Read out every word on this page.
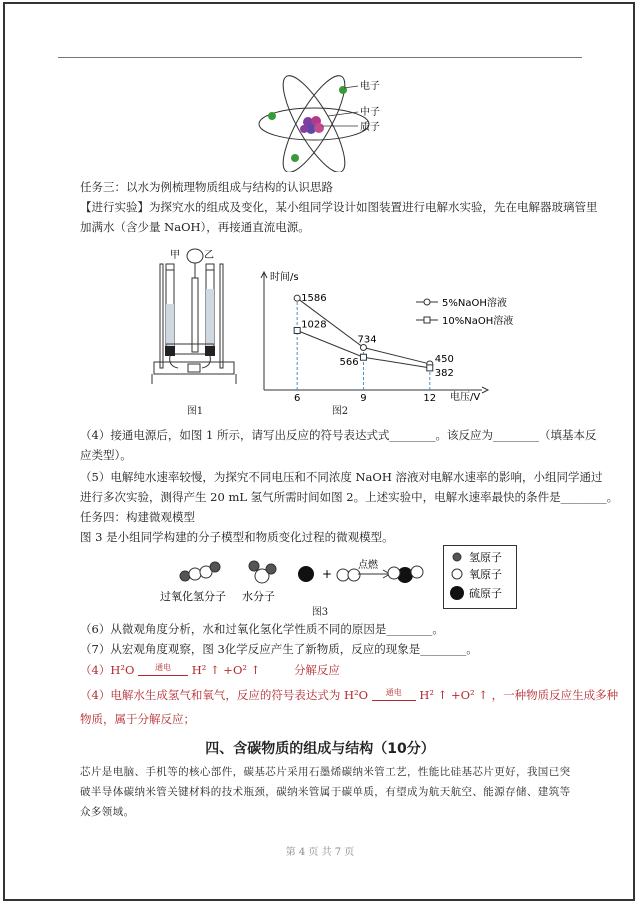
电子
中子
质子
任务三：以水为例梳理物质组成与结构的认识思路
【进行实验】为探究水的组成及变化，某小组同学设计如图装置进行电解水实验，先在电解器玻璃管里
加满水（含少量 NaOH），再接通直流电源。
甲 乙
图1
时间/s
电压/V
6	9	12
1586
734
450
5%NaOH溶液
1028
566
382
10%NaOH溶液
图2
（4）接通电源后，如图 1 所示，请写出反应的符号表达式式________。该反应为________（填基本反
应类型）。
（5）电解纯水速率较慢，为探究不同电压和不同浓度 NaOH 溶液对电解水速率的影响，小组同学通过
进行多次实验，测得产生 20 mL 氢气所需时间如图 2。上述实验中，电解水速率最快的条件是________。
任务四：构建微观模型
图 3 是小组同学构建的分子模型和物质变化过程的微观模型。
+
点燃
过氧化氢分子 水分子
氢原子
氧原子
硫原子
图3
（6）从微观角度分析，水和过氧化氢化学性质不同的原因是________。
（7）从宏观角度观察，图 3化学反应产生了新物质，反应的现象是________。
（4）H²O	通电 H² ↑ +O² ↑	分解反应
（4）电解水生成氢气和氧气，反应的符号表达式为 H²O 通电 H² ↑ +O² ↑ ，一种物质反应生成多种
物质，属于分解反应；
四、含碳物质的组成与结构（10分）
芯片是电脑、手机等的核心部件，碳基芯片采用石墨烯碳纳米管工艺，性能比硅基芯片更好，我国已突
破半导体碳纳米管关键材料的技术瓶颈，碳纳米管属于碳单质，有望成为航天航空、能源存储、建筑等
众多领域。
第 4 页 共 7 页
